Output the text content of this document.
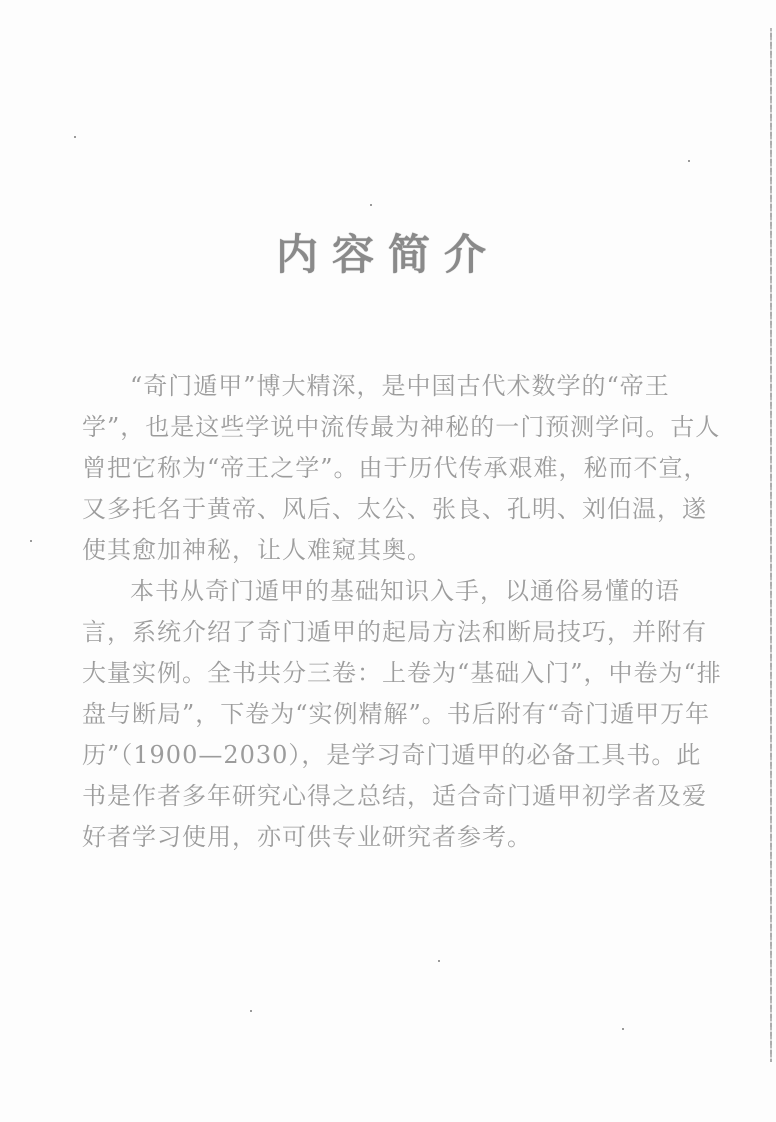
内容简介

“奇门遁甲”博大精深，是中国古代术数学的“帝王学”，也是这些学说中流传最为神秘的一门预测学问。古人曾把它称为“帝王之学”。由于历代传承艰难，秘而不宣，又多托名于黄帝、风后、太公、张良、孔明、刘伯温，遂使其愈加神秘，让人难窥其奥。

本书从奇门遁甲的基础知识入手，以通俗易懂的语言，系统介绍了奇门遁甲的起局方法和断局技巧，并附有大量实例。全书共分三卷：上卷为“基础入门”，中卷为“排盘与断局”，下卷为“实例精解”。书后附有“奇门遁甲万年历”（1900—2030），是学习奇门遁甲的必备工具书。此书是作者多年研究心得之总结，适合奇门遁甲初学者及爱好者学习使用，亦可供专业研究者参考。
